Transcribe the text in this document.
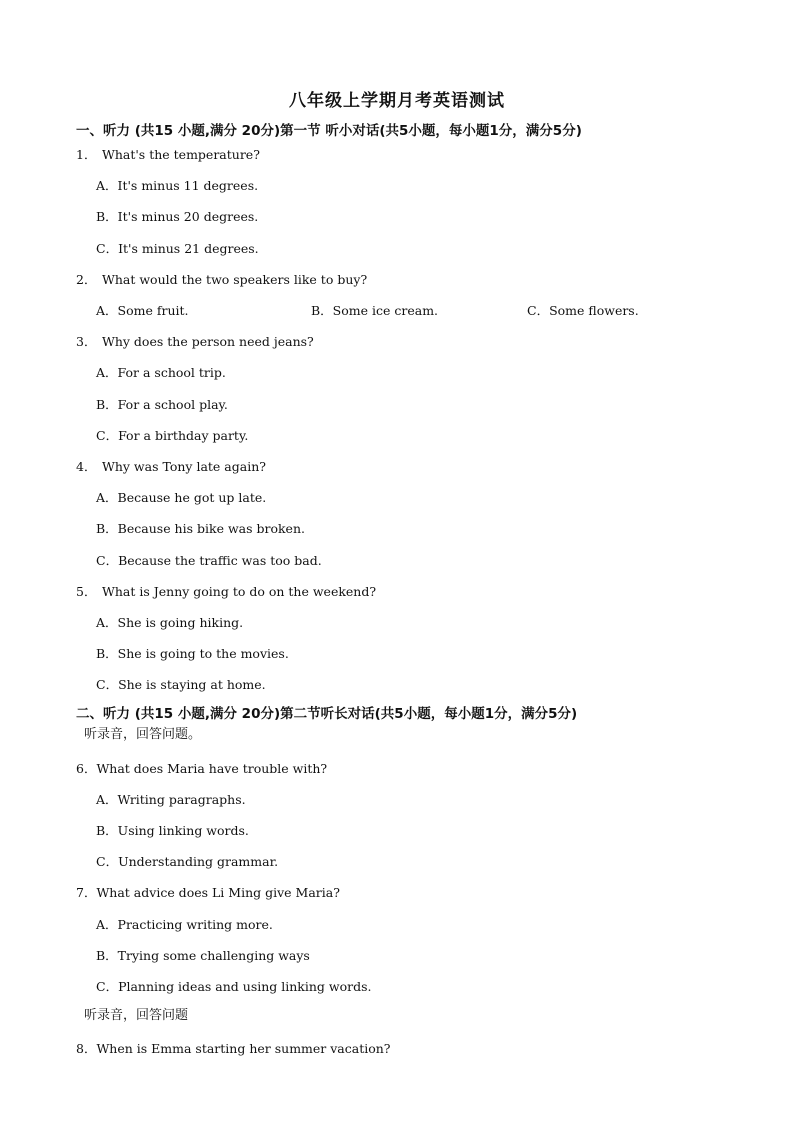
八年级上学期月考英语测试
一、听力 (共15 小题,满分 20分)第一节 听小对话(共5小题，每小题1分，满分5分)
1． What's the temperature?
A．It's minus 11 degrees.
B．It's minus 20 degrees.
C．It's minus 21 degrees.
2． What would the two speakers like to buy?
A．Some fruit.	B．Some ice cream.	C．Some flowers.
3． Why does the person need jeans?
A．For a school trip.
B．For a school play.
C．For a birthday party.
4． Why was Tony late again?
A．Because he got up late.
B．Because his bike was broken.
C．Because the traffic was too bad.
5． What is Jenny going to do on the weekend?
A．She is going hiking.
B．She is going to the movies.
C．She is staying at home.
二、听力 (共15 小题,满分 20分)第二节听长对话(共5小题，每小题1分，满分5分)
听录音，回答问题。
6．What does Maria have trouble with?
A．Writing paragraphs.
B．Using linking words.
C．Understanding grammar.
7．What advice does Li Ming give Maria?
A．Practicing writing more.
B．Trying some challenging ways
C．Planning ideas and using linking words.
听录音，回答问题
8．When is Emma starting her summer vacation?
